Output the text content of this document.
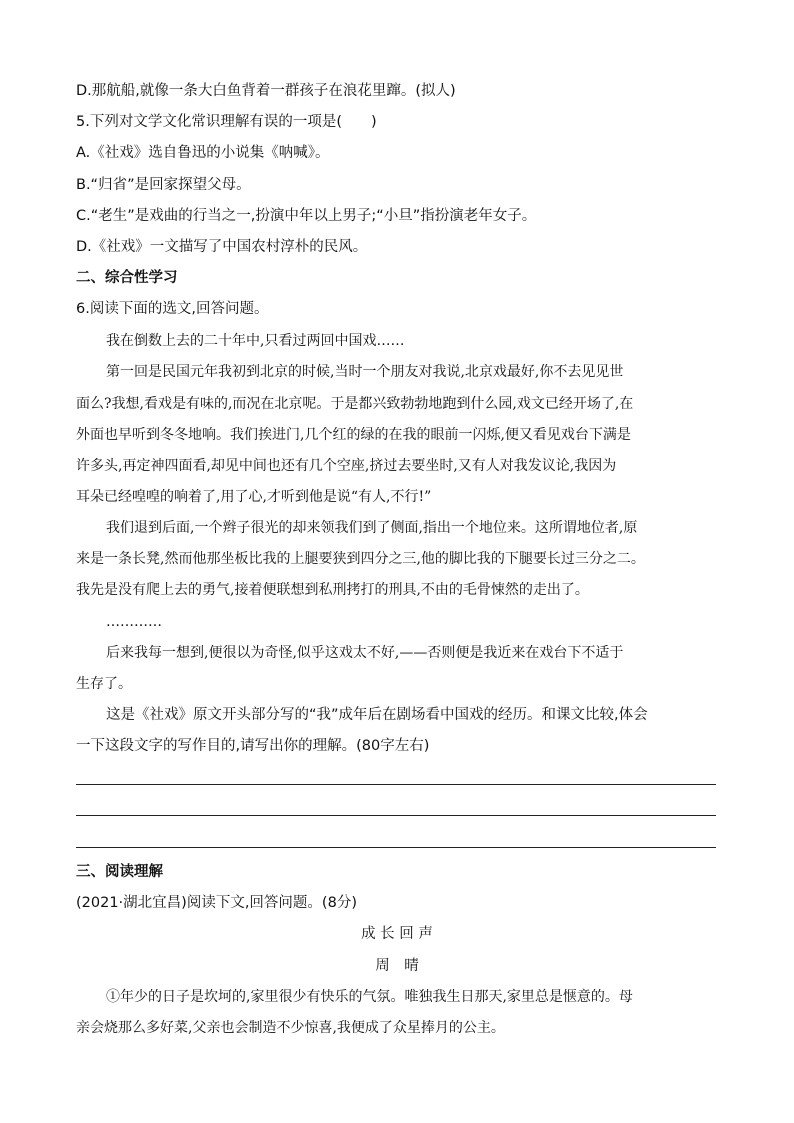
D.那航船,就像一条大白鱼背着一群孩子在浪花里蹿。(拟人)
5.下列对文学文化常识理解有误的一项是(　　)
A.《社戏》选自鲁迅的小说集《呐喊》。
B.“归省”是回家探望父母。
C.“老生”是戏曲的行当之一,扮演中年以上男子;“小旦”指扮演老年女子。
D.《社戏》一文描写了中国农村淳朴的民风。
二、综合性学习
6.阅读下面的选文,回答问题。
我在倒数上去的二十年中,只看过两回中国戏……
第一回是民国元年我初到北京的时候,当时一个朋友对我说,北京戏最好,你不去见见世
面么?我想,看戏是有味的,而况在北京呢。于是都兴致勃勃地跑到什么园,戏文已经开场了,在
外面也早听到冬冬地响。我们挨进门,几个红的绿的在我的眼前一闪烁,便又看见戏台下满是
许多头,再定神四面看,却见中间也还有几个空座,挤过去要坐时,又有人对我发议论,我因为
耳朵已经喤喤的响着了,用了心,才听到他是说“有人,不行!”
我们退到后面,一个辫子很光的却来领我们到了侧面,指出一个地位来。这所谓地位者,原
来是一条长凳,然而他那坐板比我的上腿要狭到四分之三,他的脚比我的下腿要长过三分之二。
我先是没有爬上去的勇气,接着便联想到私刑拷打的刑具,不由的毛骨悚然的走出了。
…………
后来我每一想到,便很以为奇怪,似乎这戏太不好,——否则便是我近来在戏台下不适于
生存了。
这是《社戏》原文开头部分写的“我”成年后在剧场看中国戏的经历。和课文比较,体会
一下这段文字的写作目的,请写出你的理解。(80字左右)
三、阅读理解
(2021·湖北宜昌)阅读下文,回答问题。(8分)
成 长 回 声
周　晴
①年少的日子是坎坷的,家里很少有快乐的气氛。唯独我生日那天,家里总是惬意的。母
亲会烧那么多好菜,父亲也会制造不少惊喜,我便成了众星捧月的公主。
